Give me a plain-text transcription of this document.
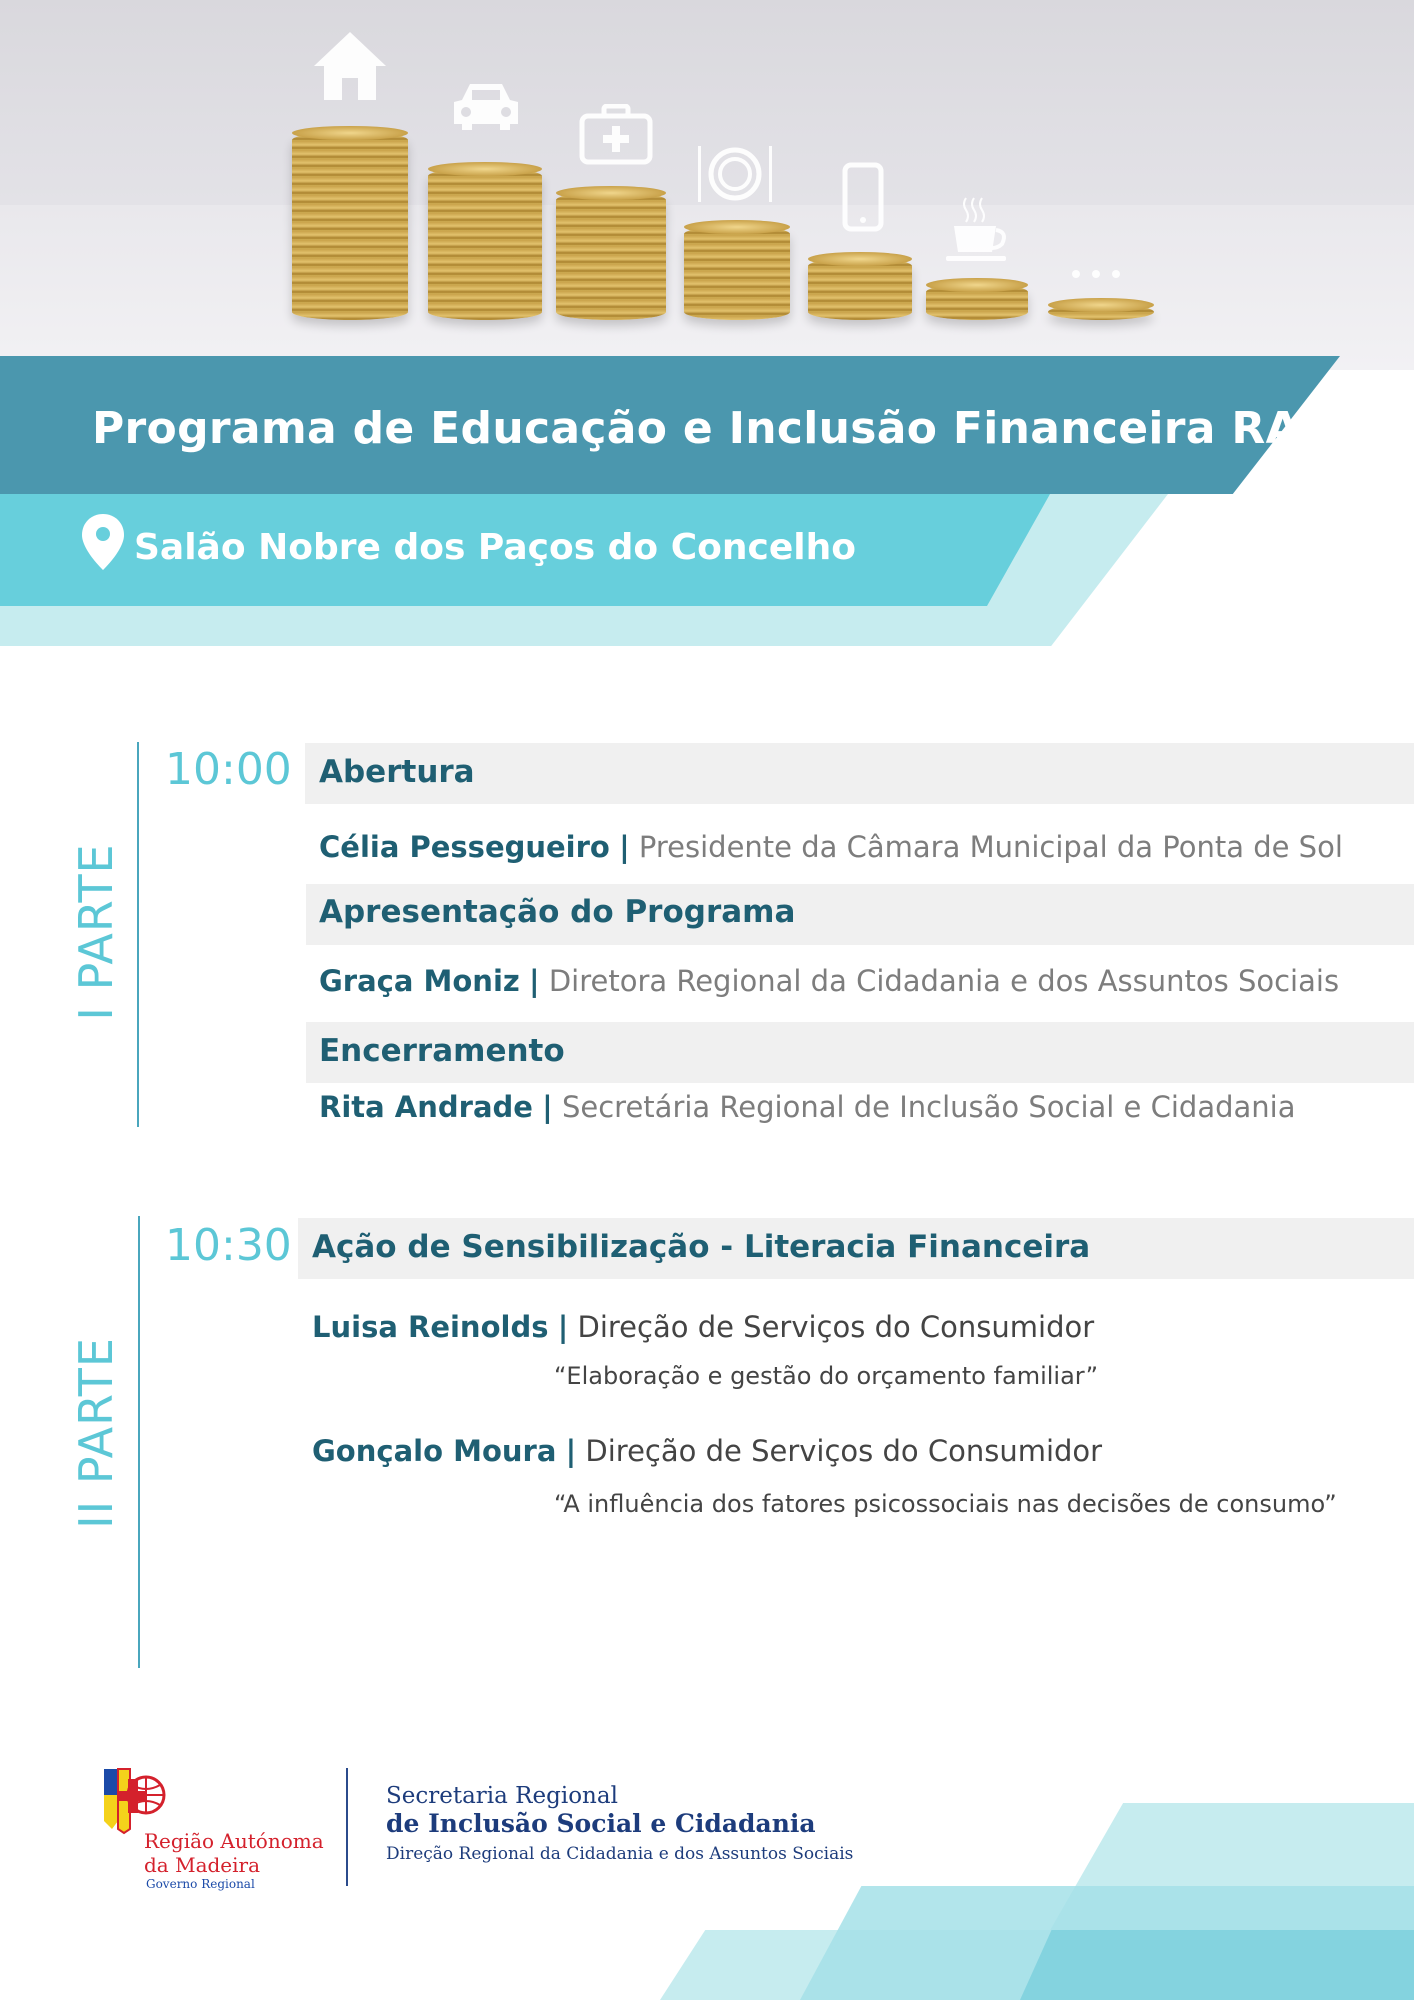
Programa de Educação e Inclusão Financeira RAM
Salão Nobre dos Paços do Concelho
I PARTE
10:00 Abertura
Célia Pessegueiro | Presidente da Câmara Municipal da Ponta de Sol
Apresentação do Programa
Graça Moniz | Diretora Regional da Cidadania e dos Assuntos Sociais
Encerramento
Rita Andrade | Secretária Regional de Inclusão Social e Cidadania
II PARTE
10:30 Ação de Sensibilização - Literacia Financeira
Luisa Reinolds | Direção de Serviços do Consumidor
“Elaboração e gestão do orçamento familiar”
Gonçalo Moura | Direção de Serviços do Consumidor
“A influência dos fatores psicossociais nas decisões de consumo”
Região Autónoma
da Madeira
Governo Regional
Secretaria Regional
de Inclusão Social e Cidadania
Direção Regional da Cidadania e dos Assuntos Sociais
